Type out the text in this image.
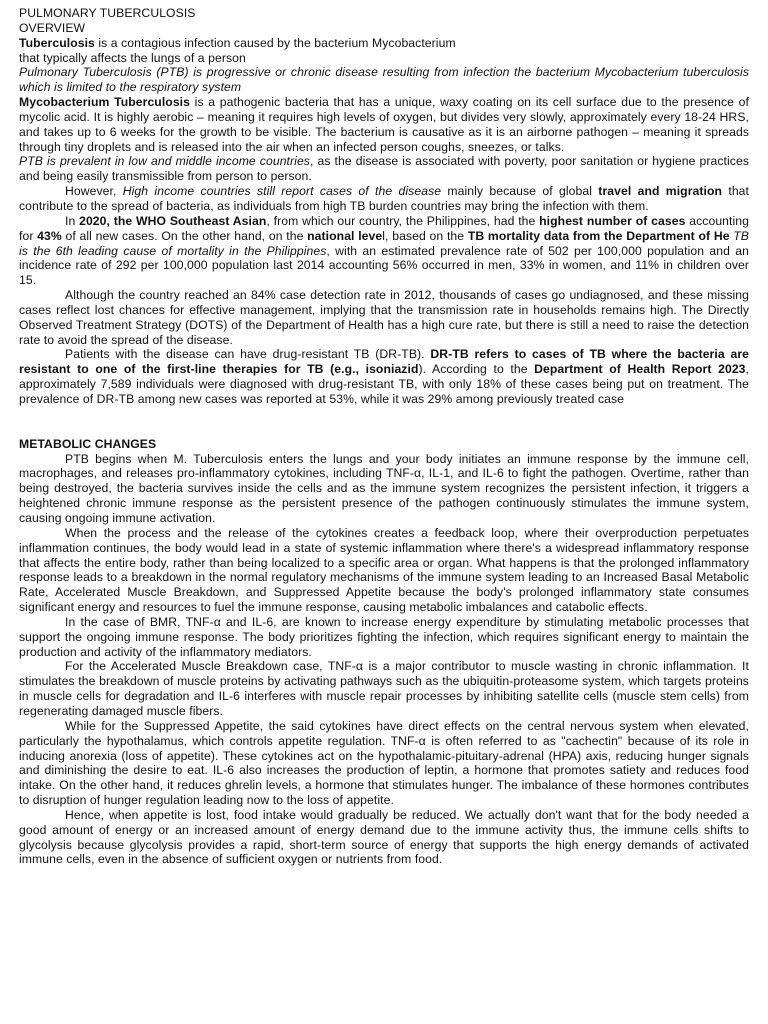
PULMONARY TUBERCULOSIS

OVERVIEW

Tuberculosis is a contagious infection caused by the bacterium Mycobacterium

that typically affects the lungs of a person

Pulmonary Tuberculosis (PTB) is progressive or chronic disease resulting from infection the bacterium Mycobacterium tuberculosis which is limited to the respiratory system

Mycobacterium Tuberculosis is a pathogenic bacteria that has a unique, waxy coating on its cell surface due to the presence of mycolic acid. It is highly aerobic – meaning it requires high levels of oxygen, but divides very slowly, approximately every 18-24 HRS, and takes up to 6 weeks for the growth to be visible. The bacterium is causative as it is an airborne pathogen – meaning it spreads through tiny droplets and is released into the air when an infected person coughs, sneezes, or talks.

PTB is prevalent in low and middle income countries, as the disease is associated with poverty, poor sanitation or hygiene practices and being easily transmissible from person to person.

However, High income countries still report cases of the disease mainly because of global travel and migration that contribute to the spread of bacteria, as individuals from high TB burden countries may bring the infection with them.

In 2020, the WHO Southeast Asian, from which our country, the Philippines, had the highest number of cases accounting for 43% of all new cases. On the other hand, on the national level, based on the TB mortality data from the Department of He TB is the 6th leading cause of mortality in the Philippines, with an estimated prevalence rate of 502 per 100,000 population and an incidence rate of 292 per 100,000 population last 2014 accounting 56% occurred in men, 33% in women, and 11% in children over 15.

Although the country reached an 84% case detection rate in 2012, thousands of cases go undiagnosed, and these missing cases reflect lost chances for effective management, implying that the transmission rate in households remains high. The Directly Observed Treatment Strategy (DOTS) of the Department of Health has a high cure rate, but there is still a need to raise the detection rate to avoid the spread of the disease.

Patients with the disease can have drug-resistant TB (DR-TB). DR-TB refers to cases of TB where the bacteria are resistant to one of the first-line therapies for TB (e.g., isoniazid). According to the Department of Health Report 2023, approximately 7,589 individuals were diagnosed with drug-resistant TB, with only 18% of these cases being put on treatment. The prevalence of DR-TB among new cases was reported at 53%, while it was 29% among previously treated case

METABOLIC CHANGES

PTB begins when M. Tuberculosis enters the lungs and your body initiates an immune response by the immune cell, macrophages, and releases pro-inflammatory cytokines, including TNF-α, IL-1, and IL-6 to fight the pathogen. Overtime, rather than being destroyed, the bacteria survives inside the cells and as the immune system recognizes the persistent infection, it triggers a heightened chronic immune response as the persistent presence of the pathogen continuously stimulates the immune system, causing ongoing immune activation.

When the process and the release of the cytokines creates a feedback loop, where their overproduction perpetuates inflammation continues, the body would lead in a state of systemic inflammation where there's a widespread inflammatory response that affects the entire body, rather than being localized to a specific area or organ. What happens is that the prolonged inflammatory response leads to a breakdown in the normal regulatory mechanisms of the immune system leading to an Increased Basal Metabolic Rate, Accelerated Muscle Breakdown, and Suppressed Appetite because the body's prolonged inflammatory state consumes significant energy and resources to fuel the immune response, causing metabolic imbalances and catabolic effects.

In the case of BMR, TNF-α and IL-6, are known to increase energy expenditure by stimulating metabolic processes that support the ongoing immune response. The body prioritizes fighting the infection, which requires significant energy to maintain the production and activity of the inflammatory mediators.

For the Accelerated Muscle Breakdown case, TNF-α is a major contributor to muscle wasting in chronic inflammation. It stimulates the breakdown of muscle proteins by activating pathways such as the ubiquitin-proteasome system, which targets proteins in muscle cells for degradation and IL-6 interferes with muscle repair processes by inhibiting satellite cells (muscle stem cells) from regenerating damaged muscle fibers.

While for the Suppressed Appetite, the said cytokines have direct effects on the central nervous system when elevated, particularly the hypothalamus, which controls appetite regulation. TNF-α is often referred to as "cachectin" because of its role in inducing anorexia (loss of appetite). These cytokines act on the hypothalamic-pituitary-adrenal (HPA) axis, reducing hunger signals and diminishing the desire to eat. IL-6 also increases the production of leptin, a hormone that promotes satiety and reduces food intake. On the other hand, it reduces ghrelin levels, a hormone that stimulates hunger. The imbalance of these hormones contributes to disruption of hunger regulation leading now to the loss of appetite.

Hence, when appetite is lost, food intake would gradually be reduced. We actually don't want that for the body needed a good amount of energy or an increased amount of energy demand due to the immune activity thus, the immune cells shifts to glycolysis because glycolysis provides a rapid, short-term source of energy that supports the high energy demands of activated immune cells, even in the absence of sufficient oxygen or nutrients from food.
